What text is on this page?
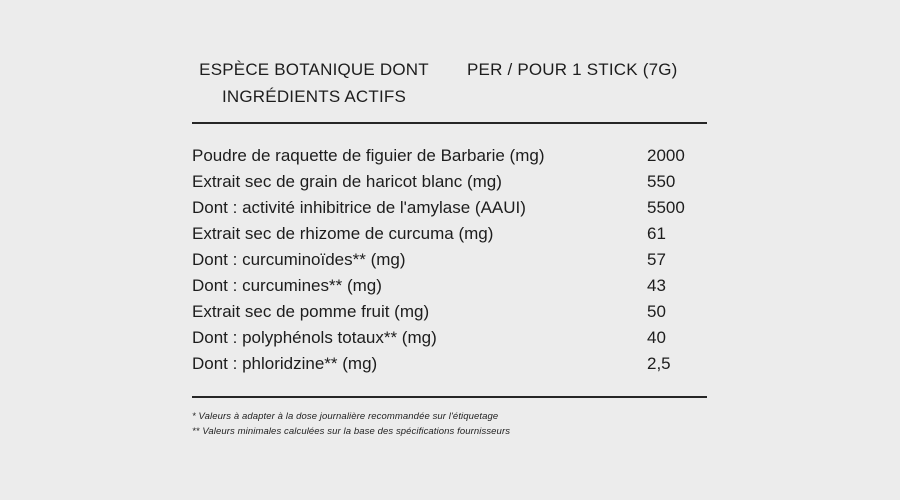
ESPÈCE BOTANIQUE DONT
INGRÉDIENTS ACTIFS
PER / POUR 1 STICK (7G)
Poudre de raquette de figuier de Barbarie (mg)	2000
Extrait sec de grain de haricot blanc (mg)	550
Dont : activité inhibitrice de l'amylase (AAUI)	5500
Extrait sec de rhizome de curcuma (mg)	61
Dont : curcuminoïdes** (mg)	57
Dont : curcumines** (mg)	43
Extrait sec de pomme fruit (mg)	50
Dont : polyphénols totaux** (mg)	40
Dont : phloridzine** (mg)	2,5
* Valeurs à adapter à la dose journalière recommandée sur l'étiquetage
** Valeurs minimales calculées sur la base des spécifications fournisseurs
